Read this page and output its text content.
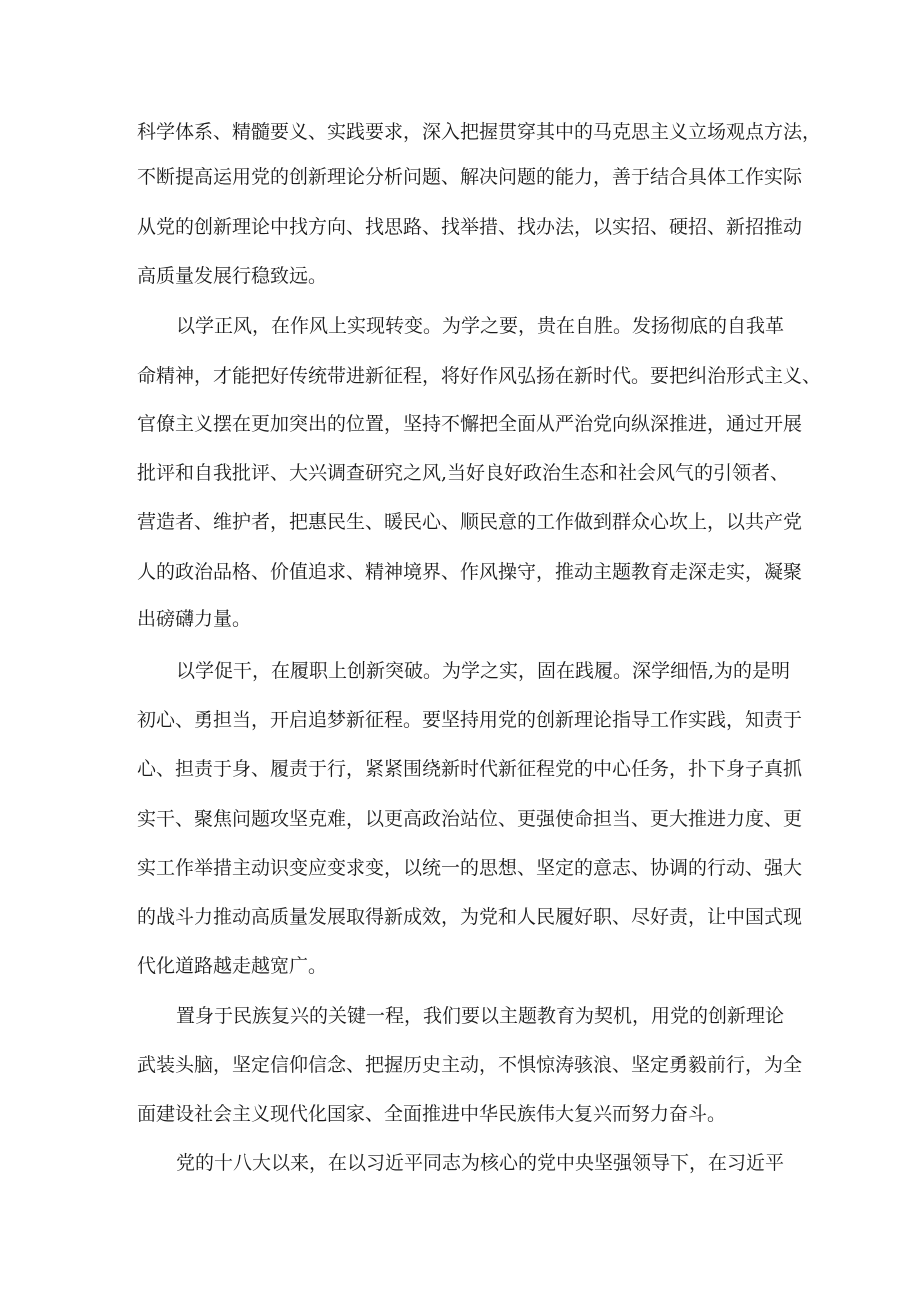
科学体系、精髓要义、实践要求，深入把握贯穿其中的马克思主义立场观点方法，
不断提高运用党的创新理论分析问题、解决问题的能力，善于结合具体工作实际
从党的创新理论中找方向、找思路、找举措、找办法，以实招、硬招、新招推动
高质量发展行稳致远。
以学正风，在作风上实现转变。为学之要，贵在自胜。发扬彻底的自我革
命精神，才能把好传统带进新征程，将好作风弘扬在新时代。要把纠治形式主义、
官僚主义摆在更加突出的位置，坚持不懈把全面从严治党向纵深推进，通过开展
批评和自我批评、大兴调查研究之风,当好良好政治生态和社会风气的引领者、
营造者、维护者，把惠民生、暖民心、顺民意的工作做到群众心坎上，以共产党
人的政治品格、价值追求、精神境界、作风操守，推动主题教育走深走实，凝聚
出磅礴力量。
以学促干，在履职上创新突破。为学之实，固在践履。深学细悟,为的是明
初心、勇担当，开启追梦新征程。要坚持用党的创新理论指导工作实践，知责于
心、担责于身、履责于行，紧紧围绕新时代新征程党的中心任务，扑下身子真抓
实干、聚焦问题攻坚克难，以更高政治站位、更强使命担当、更大推进力度、更
实工作举措主动识变应变求变，以统一的思想、坚定的意志、协调的行动、强大
的战斗力推动高质量发展取得新成效，为党和人民履好职、尽好责，让中国式现
代化道路越走越宽广。
置身于民族复兴的关键一程，我们要以主题教育为契机，用党的创新理论
武装头脑，坚定信仰信念、把握历史主动，不惧惊涛骇浪、坚定勇毅前行，为全
面建设社会主义现代化国家、全面推进中华民族伟大复兴而努力奋斗。
党的十八大以来，在以习近平同志为核心的党中央坚强领导下，在习近平
